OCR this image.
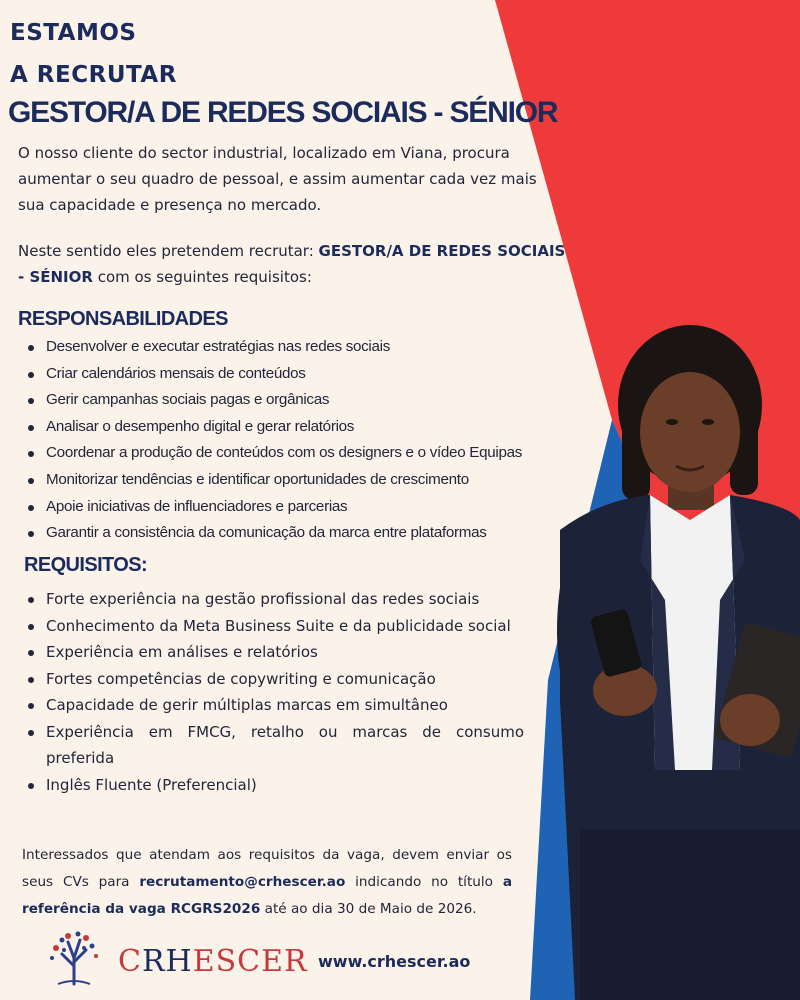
ESTAMOS
A RECRUTAR
GESTOR/A DE REDES SOCIAIS - SÉNIOR
O nosso cliente do sector industrial, localizado em Viana, procura aumentar o seu quadro de pessoal, e assim aumentar cada vez mais sua capacidade e presença no mercado.
Neste sentido eles pretendem recrutar: GESTOR/A DE REDES SOCIAIS - SÉNIOR com os seguintes requisitos:
RESPONSABILIDADES
Desenvolver e executar estratégias nas redes sociais
Criar calendários mensais de conteúdos
Gerir campanhas sociais pagas e orgânicas
Analisar o desempenho digital e gerar relatórios
Coordenar a produção de conteúdos com os designers e o vídeo Equipas
Monitorizar tendências e identificar oportunidades de crescimento
Apoie iniciativas de influenciadores e parcerias
Garantir a consistência da comunicação da marca entre plataformas
REQUISITOS:
Forte experiência na gestão profissional das redes sociais
Conhecimento da Meta Business Suite e da publicidade social
Experiência em análises e relatórios
Fortes competências de copywriting e comunicação
Capacidade de gerir múltiplas marcas em simultâneo
Experiência em FMCG, retalho ou marcas de consumo preferida
Inglês Fluente (Preferencial)
Interessados que atendam aos requisitos da vaga, devem enviar os seus CVs para recrutamento@crhescer.ao indicando no título a referência da vaga RCGRS2026 até ao dia 30 de Maio de 2026.
CRHESCER www.crhescer.ao
